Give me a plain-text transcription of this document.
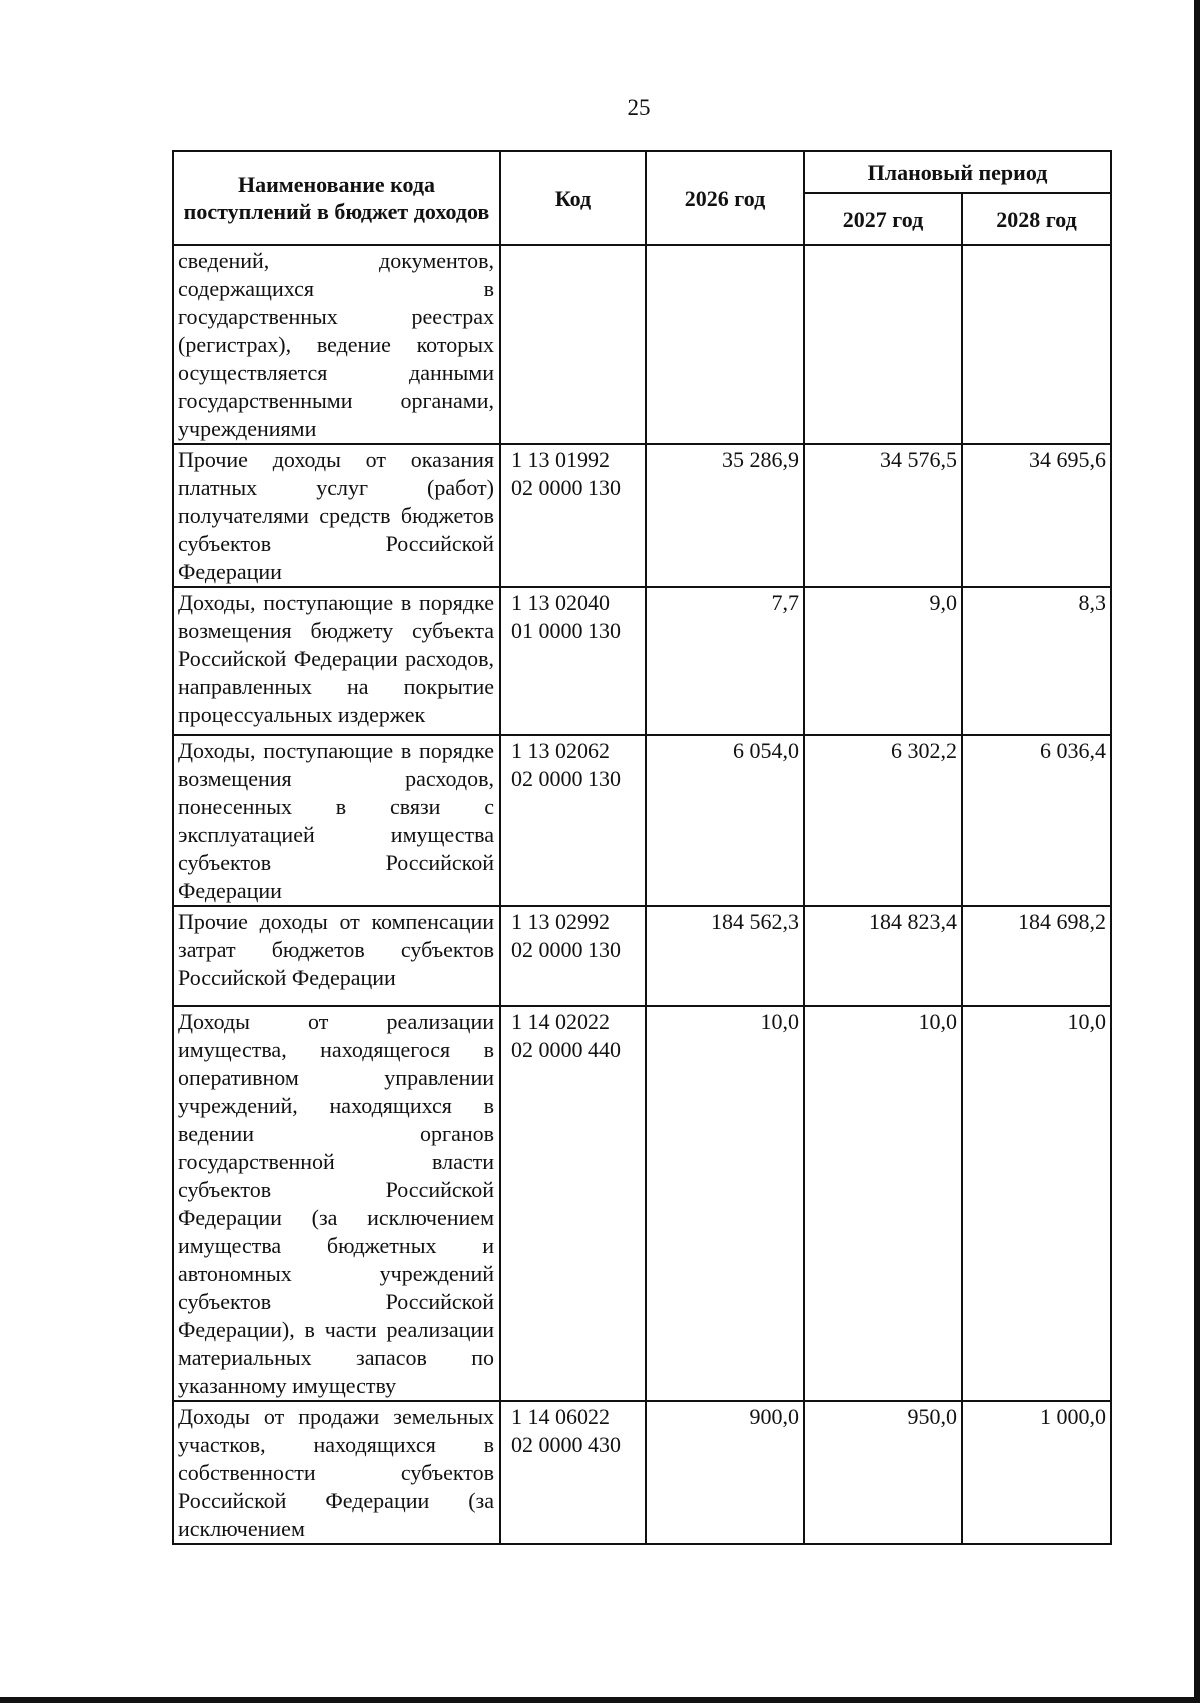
25
Наименование кода поступлений в бюджет доходов	Код	2026 год	Плановый период	
			2027 год	2028 год
сведений, документов, содержащихся в государственных реестрах (регистрах), ведение которых осуществляется данными государственными органами, учреждениями	

Прочие доходы от оказания платных услуг (работ) получателями средств бюджетов субъектов Российской Федерации	1 13 01992
02 0000 130	35 286,9	34 576,5	34 695,6
Доходы, поступающие в порядке возмещения бюджету субъекта Российской Федерации расходов, направленных на покрытие процессуальных издержек	1 13 02040
01 0000 130	7,7	9,0	8,3
Доходы, поступающие в порядке возмещения расходов, понесенных в связи с эксплуатацией имущества субъектов Российской Федерации	1 13 02062
02 0000 130	6 054,0	6 302,2	6 036,4
Прочие доходы от компенсации затрат бюджетов субъектов Российской Федерации	1 13 02992
02 0000 130	184 562,3	184 823,4	184 698,2
Доходы от реализации имущества, находящегося в оперативном управлении учреждений, находящихся в ведении органов государственной власти субъектов Российской Федерации (за исключением имущества бюджетных и автономных учреждений субъектов Российской Федерации), в части реализации материальных запасов по указанному имуществу	1 14 02022
02 0000 440	10,0	10,0	10,0
Доходы от продажи земельных участков, находящихся в собственности субъектов Российской Федерации (за исключением	1 14 06022
02 0000 430	900,0	950,0	1 000,0
